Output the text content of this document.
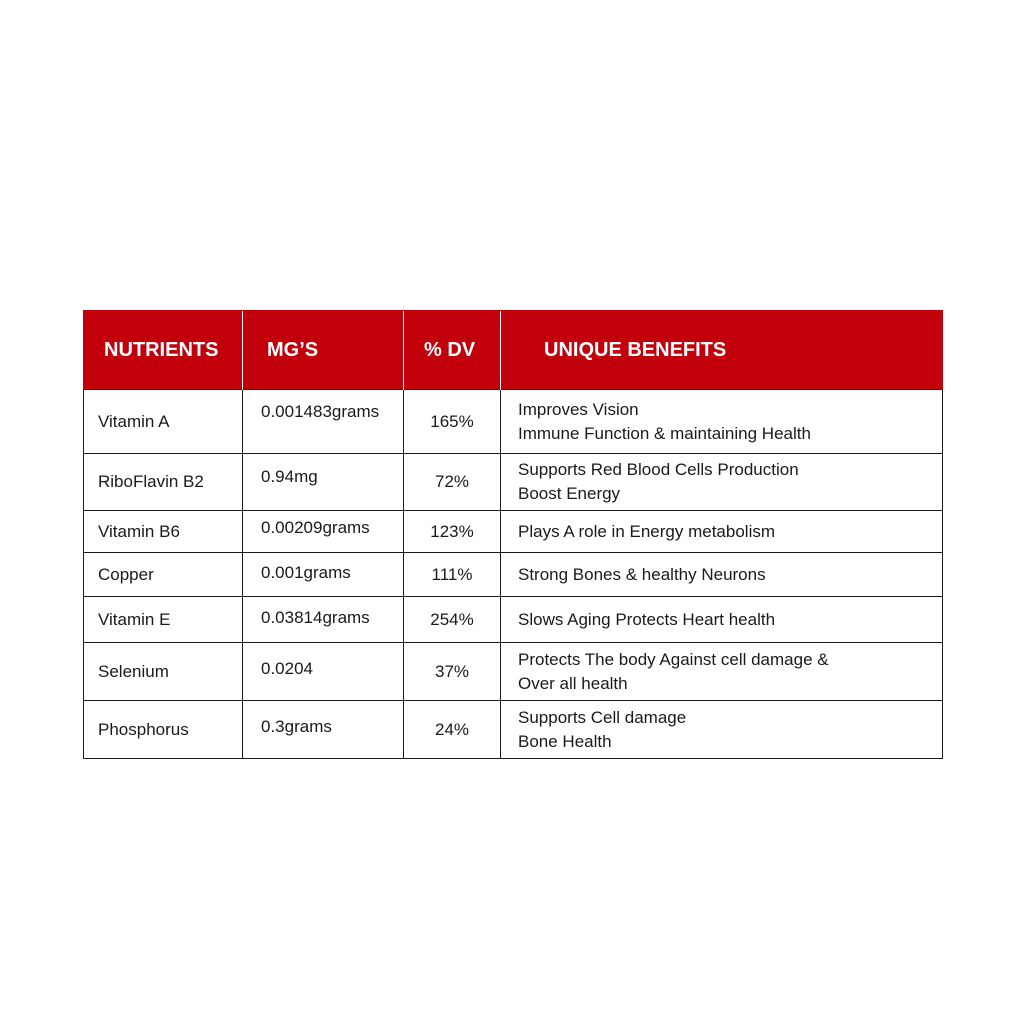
NUTRIENTS	MG’S	% DV	UNIQUE BENEFITS
Vitamin A	0.001483grams	165%	Improves Vision
Immune Function & maintaining Health

RiboFlavin B2	0.94mg	72%	Supports Red Blood Cells Production
Boost Energy

Vitamin B6	0.00209grams	123%	Plays A role in Energy metabolism

Copper	0.001grams	111%	Strong Bones & healthy Neurons

Vitamin E	0.03814grams	254%	Slows Aging Protects Heart health

Selenium	0.0204	37%	Protects The body Against cell damage &
Over all health

Phosphorus	0.3grams	24%	Supports Cell damage
Bone Health
